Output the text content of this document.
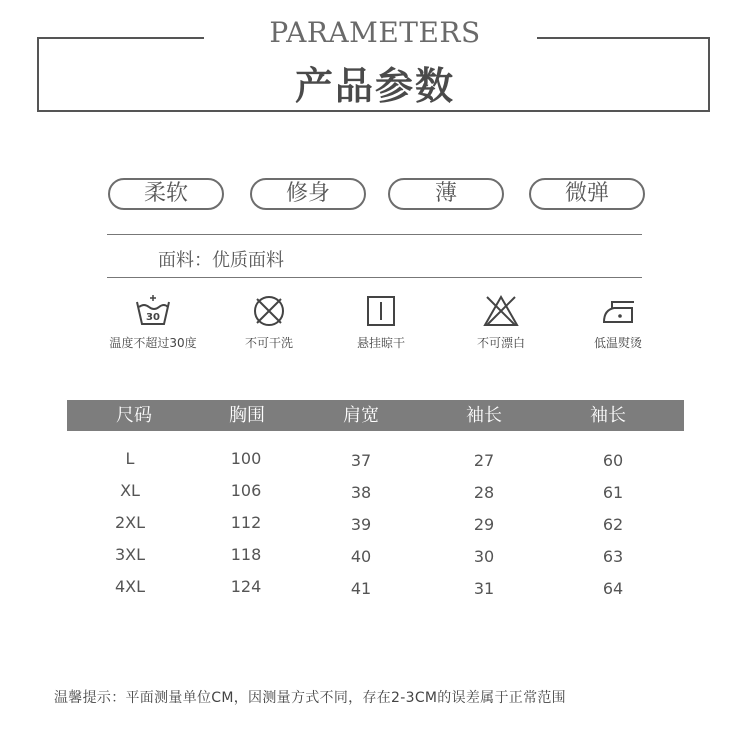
PARAMETERS
产品参数
柔软	修身	薄	微弹
面料：优质面料
30
温度不超过30度	不可干洗	悬挂晾干	不可漂白	低温熨烫
尺码	胸围	肩宽	袖长	袖长
L	100	37	27	60
XL	106	38	28	61
2XL	112	39	29	62
3XL	118	40	30	63
4XL	124	41	31	64
温馨提示：平面测量单位CM，因测量方式不同，存在2-3CM的误差属于正常范围
